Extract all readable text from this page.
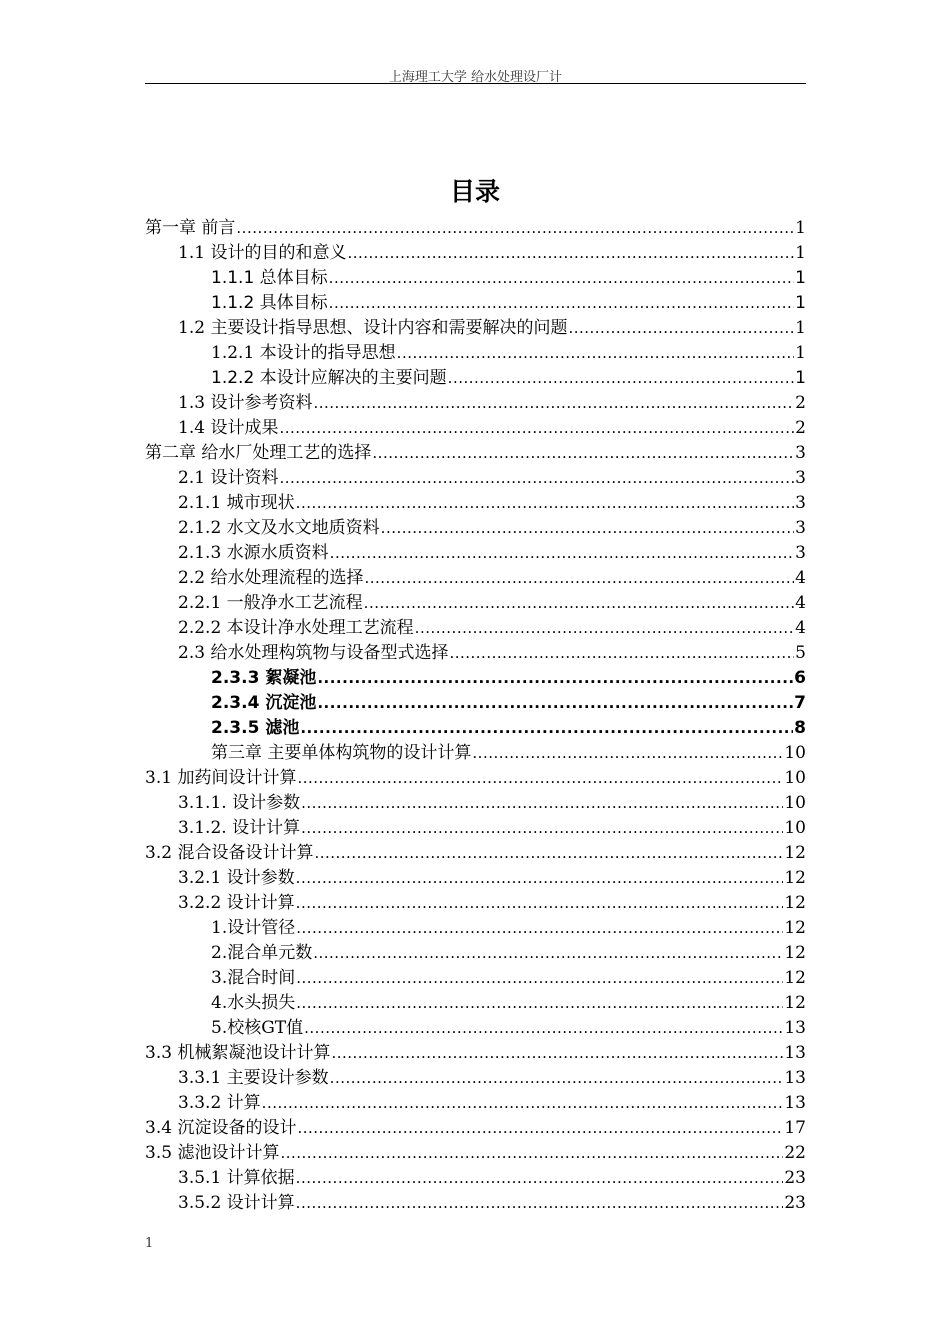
上海理工大学 给水处理设厂计
目录
第一章 前言 .....	1
1.1 设计的目的和意义 .....	1
1.1.1 总体目标 .....	1
1.1.2 具体目标 .....	1
1.2 主要设计指导思想、设计内容和需要解决的问题 .....	1
1.2.1 本设计的指导思想 .....	1
1.2.2 本设计应解决的主要问题 .....	1
1.3 设计参考资料 .....	2
1.4 设计成果 .....	2
第二章 给水厂处理工艺的选择 .....	3
2.1 设计资料 .....	3
2.1.1 城市现状 .....	3
2.1.2 水文及水文地质资料 .....	3
2.1.3 水源水质资料 .....	3
2.2 给水处理流程的选择 .....	4
2.2.1 一般净水工艺流程 .....	4
2.2.2 本设计净水处理工艺流程 .....	4
2.3 给水处理构筑物与设备型式选择 .....	5
2.3.3 絮凝池 .....	6
2.3.4 沉淀池 .....	7
2.3.5 滤池 .....	8
第三章 主要单体构筑物的设计计算 .....	10
3.1 加药间设计计算 .....	10
3.1.1. 设计参数 .....	10
3.1.2. 设计计算 .....	10
3.2 混合设备设计计算 .....	12
3.2.1 设计参数 .....	12
3.2.2 设计计算 .....	12
1.设计管径 .....	12
2.混合单元数 .....	12
3.混合时间 .....	12
4.水头损失 .....	12
5.校核GT值 .....	13
3.3 机械絮凝池设计计算 .....	13
3.3.1 主要设计参数 .....	13
3.3.2 计算 .....	13
3.4 沉淀设备的设计 .....	17
3.5 滤池设计计算 .....	22
3.5.1 计算依据 .....	23
3.5.2 设计计算 .....	23
1
